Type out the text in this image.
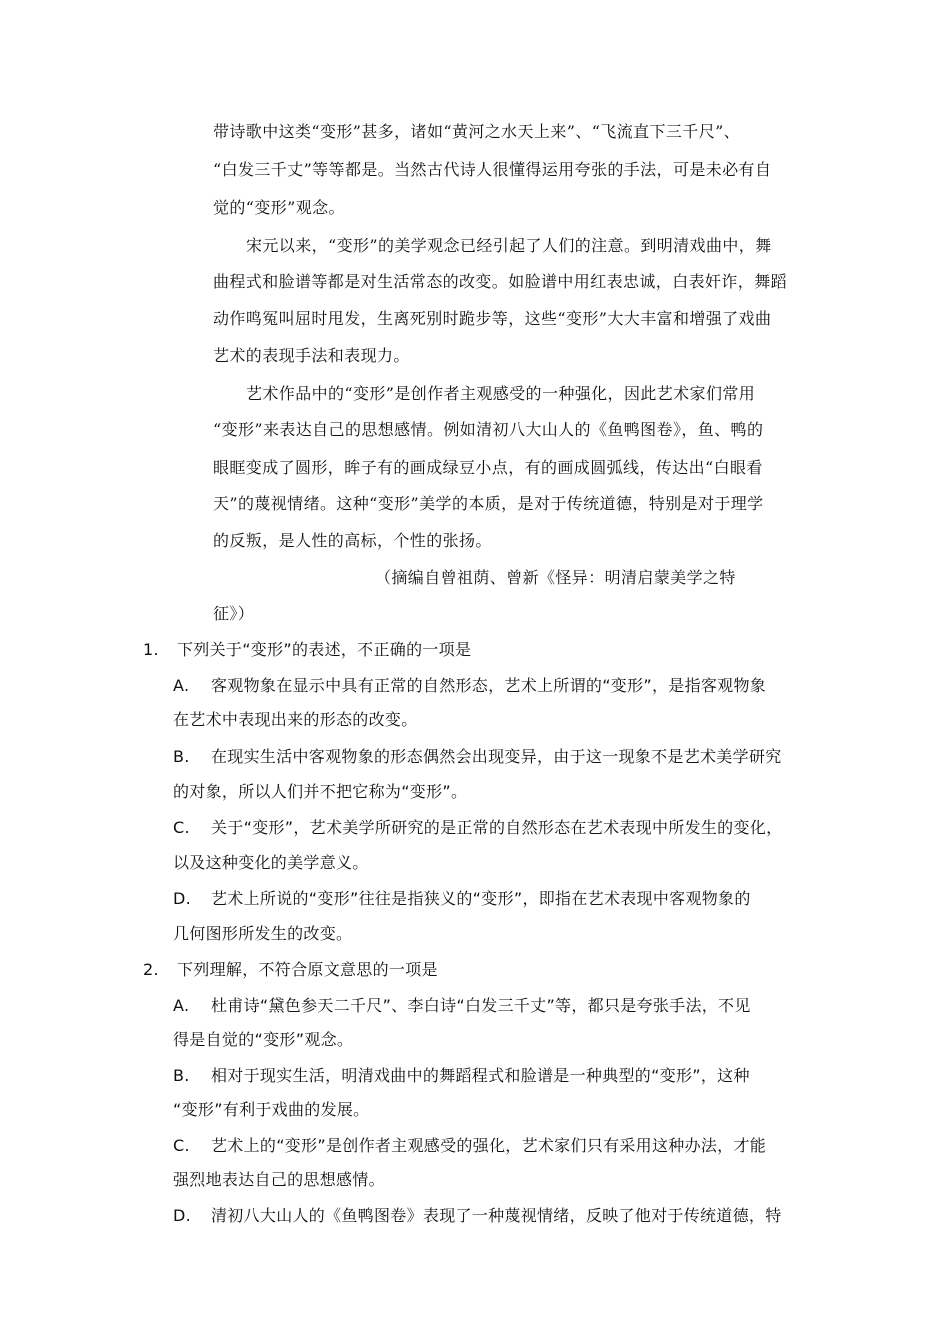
带诗歌中这类“变形”甚多，诸如“黄河之水天上来”、“飞流直下三千尺”、
“白发三千丈”等等都是。当然古代诗人很懂得运用夸张的手法，可是未必有自
觉的“变形”观念。
宋元以来，“变形”的美学观念已经引起了人们的注意。到明清戏曲中，舞
曲程式和脸谱等都是对生活常态的改变。如脸谱中用红表忠诚，白表奸诈，舞蹈
动作鸣冤叫屈时甩发，生离死别时跪步等，这些“变形”大大丰富和增强了戏曲
艺术的表现手法和表现力。
艺术作品中的“变形”是创作者主观感受的一种强化，因此艺术家们常用
“变形”来表达自己的思想感情。例如清初八大山人的《鱼鸭图卷》，鱼、鸭的
眼眶变成了圆形，眸子有的画成绿豆小点，有的画成圆弧线，传达出“白眼看
天”的蔑视情绪。这种“变形”美学的本质，是对于传统道德，特别是对于理学
的反叛，是人性的高标，个性的张扬。
（摘编自曾祖荫、曾新《怪异：明清启蒙美学之特
征》）
1. 下列关于“变形”的表述，不正确的一项是
A. 客观物象在显示中具有正常的自然形态，艺术上所谓的“变形”，是指客观物象
在艺术中表现出来的形态的改变。
B. 在现实生活中客观物象的形态偶然会出现变异，由于这一现象不是艺术美学研究
的对象，所以人们并不把它称为“变形”。
C. 关于“变形”，艺术美学所研究的是正常的自然形态在艺术表现中所发生的变化，
以及这种变化的美学意义。
D. 艺术上所说的“变形”往往是指狭义的“变形”，即指在艺术表现中客观物象的
几何图形所发生的改变。
2. 下列理解，不符合原文意思的一项是
A. 杜甫诗“黛色参天二千尺”、李白诗“白发三千丈”等，都只是夸张手法，不见
得是自觉的“变形”观念。
B. 相对于现实生活，明清戏曲中的舞蹈程式和脸谱是一种典型的“变形”，这种
“变形”有利于戏曲的发展。
C. 艺术上的“变形”是创作者主观感受的强化，艺术家们只有采用这种办法，才能
强烈地表达自己的思想感情。
D. 清初八大山人的《鱼鸭图卷》表现了一种蔑视情绪，反映了他对于传统道德，特
